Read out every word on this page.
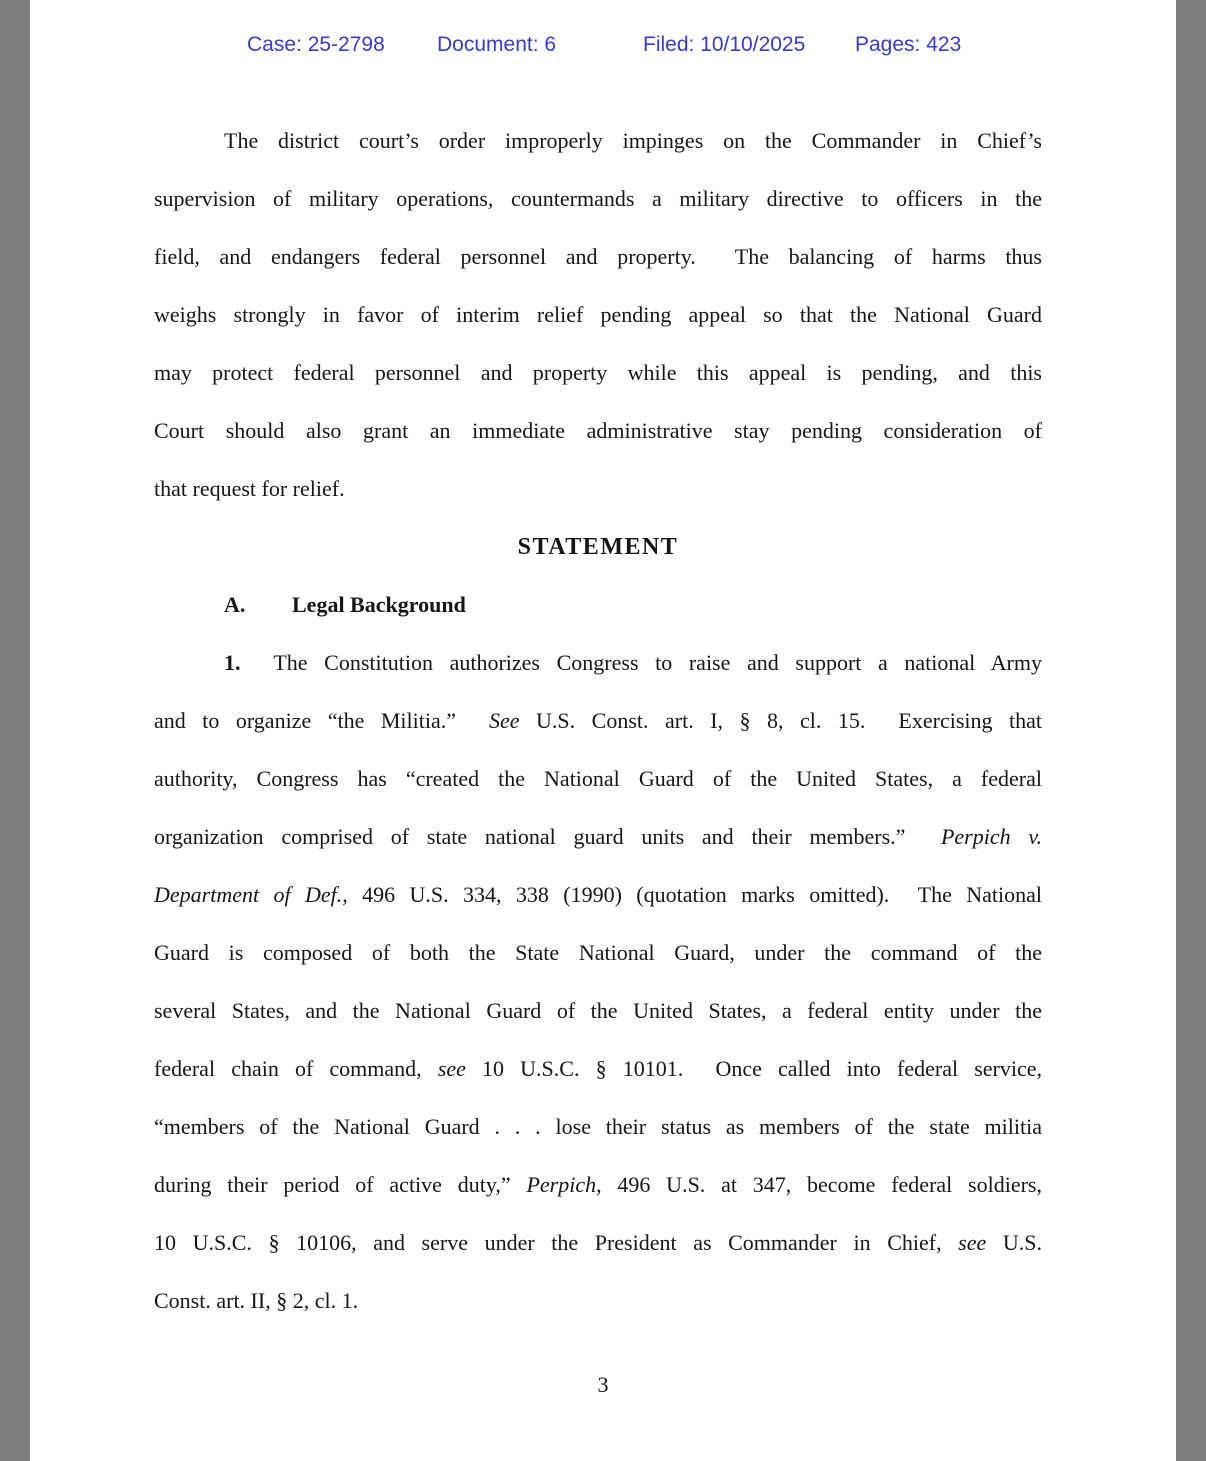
Case: 25-2798 Document: 6	Filed: 10/10/2025 Pages: 423
The district court’s order improperly impinges on the Commander in Chief’s
supervision of military operations, countermands a military directive to officers in the
field, and endangers federal personnel and property.  The balancing of harms thus
weighs strongly in favor of interim relief pending appeal so that the National Guard
may protect federal personnel and property while this appeal is pending, and this
Court should also grant an immediate administrative stay pending consideration of
that request for relief.
STATEMENT
A. Legal Background
1.  The Constitution authorizes Congress to raise and support a national Army
and to organize “the Militia.”  See U.S. Const. art. I, § 8, cl. 15.  Exercising that
authority, Congress has “created the National Guard of the United States, a federal
organization comprised of state national guard units and their members.”  Perpich v.
Department of Def., 496 U.S. 334, 338 (1990) (quotation marks omitted).  The National
Guard is composed of both the State National Guard, under the command of the
several States, and the National Guard of the United States, a federal entity under the
federal chain of command, see 10 U.S.C. § 10101.  Once called into federal service,
“members of the National Guard . . . lose their status as members of the state militia
during their period of active duty,” Perpich, 496 U.S. at 347, become federal soldiers,
10 U.S.C. § 10106, and serve under the President as Commander in Chief, see U.S.
Const. art. II, § 2, cl. 1.
3
